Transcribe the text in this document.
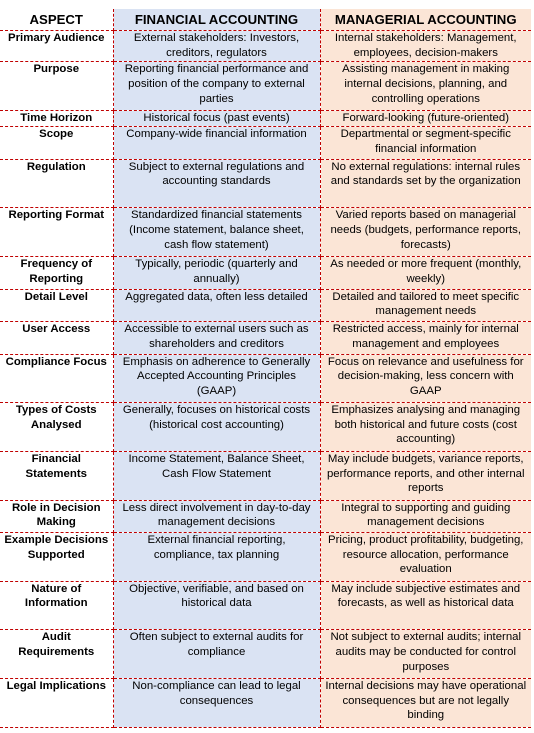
ASPECT	FINANCIAL ACCOUNTING	MANAGERIAL ACCOUNTING
Primary Audience	External stakeholders: Investors, creditors, regulators	Internal stakeholders: Management, employees, decision-makers
Purpose	Reporting financial performance and position of the company to external parties	Assisting management in making internal decisions, planning, and controlling operations
Time Horizon	Historical focus (past events)	Forward-looking (future-oriented)
Scope	Company-wide financial information	Departmental or segment-specific financial information
Regulation	Subject to external regulations and accounting standards	No external regulations: internal rules and standards set by the organization
Reporting Format	Standardized financial statements (Income statement, balance sheet, cash flow statement)	Varied reports based on managerial needs (budgets, performance reports, forecasts)
Frequency of Reporting	Typically, periodic (quarterly and annually)	As needed or more frequent (monthly, weekly)
Detail Level	Aggregated data, often less detailed	Detailed and tailored to meet specific management needs
User Access	Accessible to external users such as shareholders and creditors	Restricted access, mainly for internal management and employees
Compliance Focus	Emphasis on adherence to Generally Accepted Accounting Principles (GAAP)	Focus on relevance and usefulness for decision-making, less concern with GAAP
Types of Costs Analysed	Generally, focuses on historical costs (historical cost accounting)	Emphasizes analysing and managing both historical and future costs (cost accounting)
Financial Statements	Income Statement, Balance Sheet, Cash Flow Statement	May include budgets, variance reports, performance reports, and other internal reports
Role in Decision Making	Less direct involvement in day-to-day management decisions	Integral to supporting and guiding management decisions
Example Decisions Supported	External financial reporting, compliance, tax planning	Pricing, product profitability, budgeting, resource allocation, performance evaluation
Nature of Information	Objective, verifiable, and based on historical data	May include subjective estimates and forecasts, as well as historical data
Audit Requirements	Often subject to external audits for compliance	Not subject to external audits; internal audits may be conducted for control purposes
Legal Implications	Non-compliance can lead to legal consequences	Internal decisions may have operational consequences but are not legally binding
